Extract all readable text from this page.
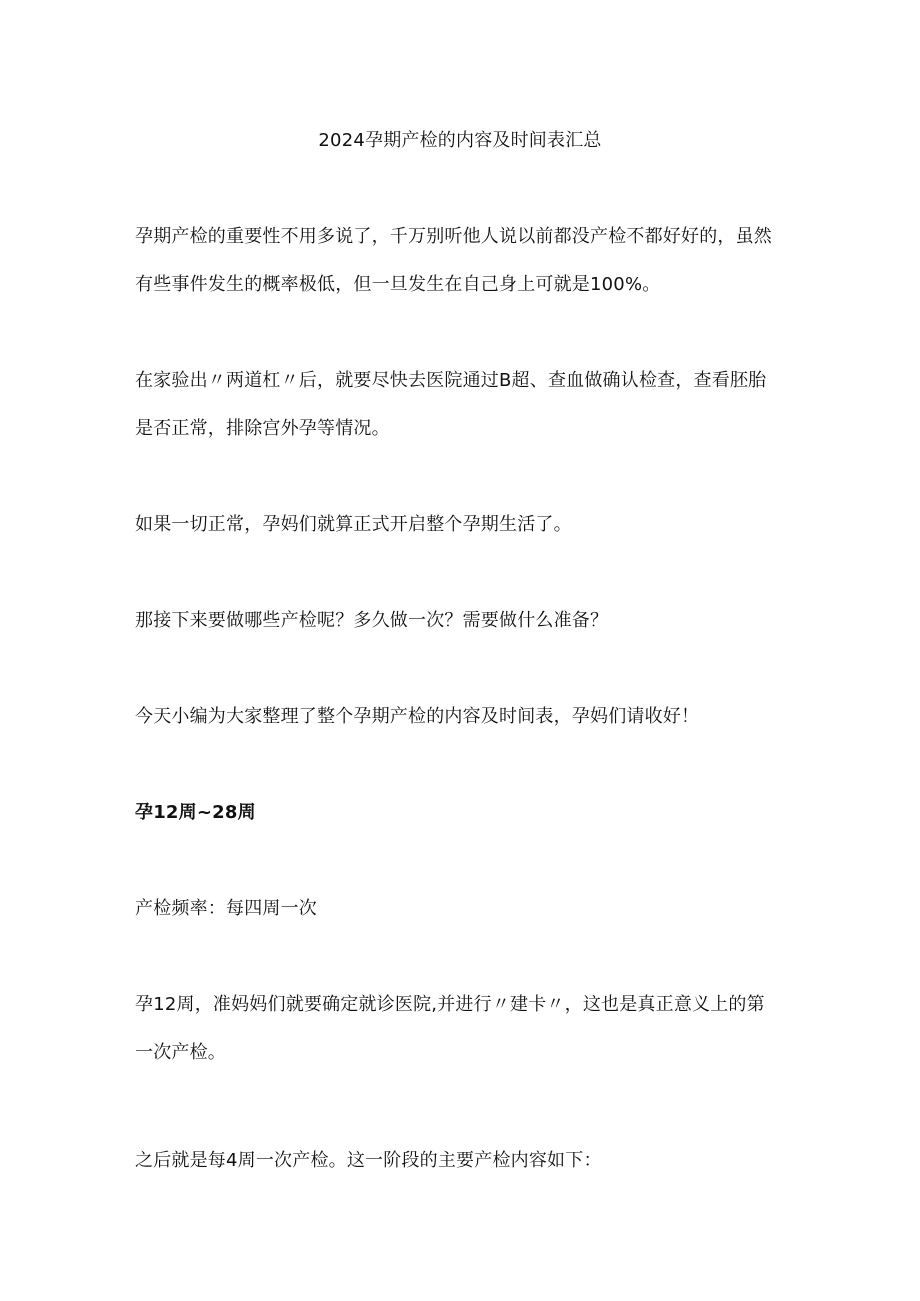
2024孕期产检的内容及时间表汇总
孕期产检的重要性不用多说了，千万别听他人说以前都没产检不都好好的，虽然
有些事件发生的概率极低，但一旦发生在自己身上可就是100%。
在家验出〃两道杠〃后，就要尽快去医院通过B超、查血做确认检查，查看胚胎
是否正常，排除宫外孕等情况。
如果一切正常，孕妈们就算正式开启整个孕期生活了。
那接下来要做哪些产检呢？多久做一次？需要做什么准备？
今天小编为大家整理了整个孕期产检的内容及时间表，孕妈们请收好！
孕12周~28周
产检频率：每四周一次
孕12周，准妈妈们就要确定就诊医院,并进行〃建卡〃，这也是真正意义上的第
一次产检。
之后就是每4周一次产检。这一阶段的主要产检内容如下：
